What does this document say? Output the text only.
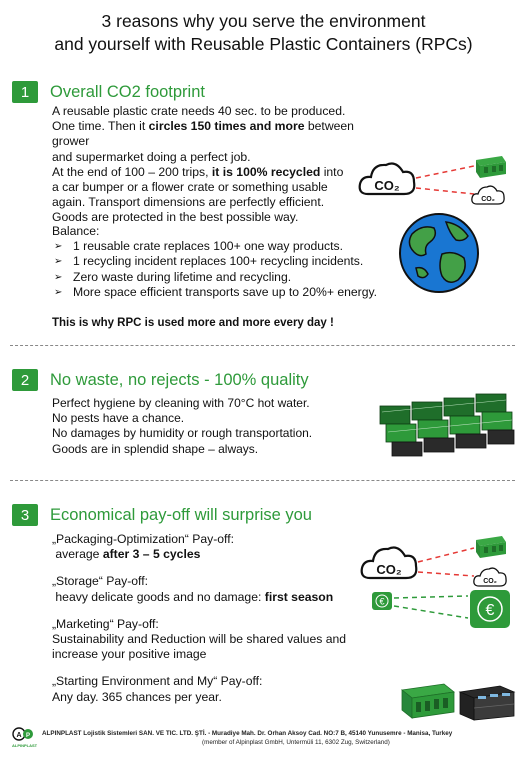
3 reasons why you serve the environment
and yourself with Reusable Plastic Containers (RPCs)
1	Overall CO2 footprint
A reusable plastic crate needs 40 sec. to be produced.
One time. Then it circles 150 times and more between grower
and supermarket doing a perfect job.
At the end of 100 – 200 trips, it is 100% recycled into
a car bumper or a flower crate or something usable
again. Transport dimensions are perfectly efficient.
Goods are protected in the best possible way.
Balance:
➢ 1 reusable crate replaces 100+ one way products.
➢ 1 recycling incident replaces 100+ recycling incidents.
➢ Zero waste during lifetime and recycling.
➢ More space efficient transports save up to 20%+ energy.
This is why RPC is used more and more every day !
CO₂
CO₂
2	No waste, no rejects - 100% quality
Perfect hygiene by cleaning with 70°C hot water.
No pests have a chance.
No damages by humidity or rough transportation.
Goods are in splendid shape – always.
3	Economical pay-off will surprise you
„Packaging-Optimization“ Pay-off:
average after 3 – 5 cycles
„Storage“ Pay-off:
heavy delicate goods and no damage: first season
„Marketing“ Pay-off:
Sustainability and Reduction will be shared values and
increase your positive image
„Starting Environment and My“ Pay-off:
Any day. 365 chances per year.
CO₂
CO₂
€
€
A P
ALPINPLAST
ALPINPLAST Lojistik Sistemleri SAN. VE TIC. LTD. ŞTİ. - Muradiye Mah. Dr. Orhan Aksoy Cad. NO:7 B, 45140 Yunusemre - Manisa, Turkey
(member of Alpinplast GmbH, Untermüli 11, 6302 Zug, Switzerland)
